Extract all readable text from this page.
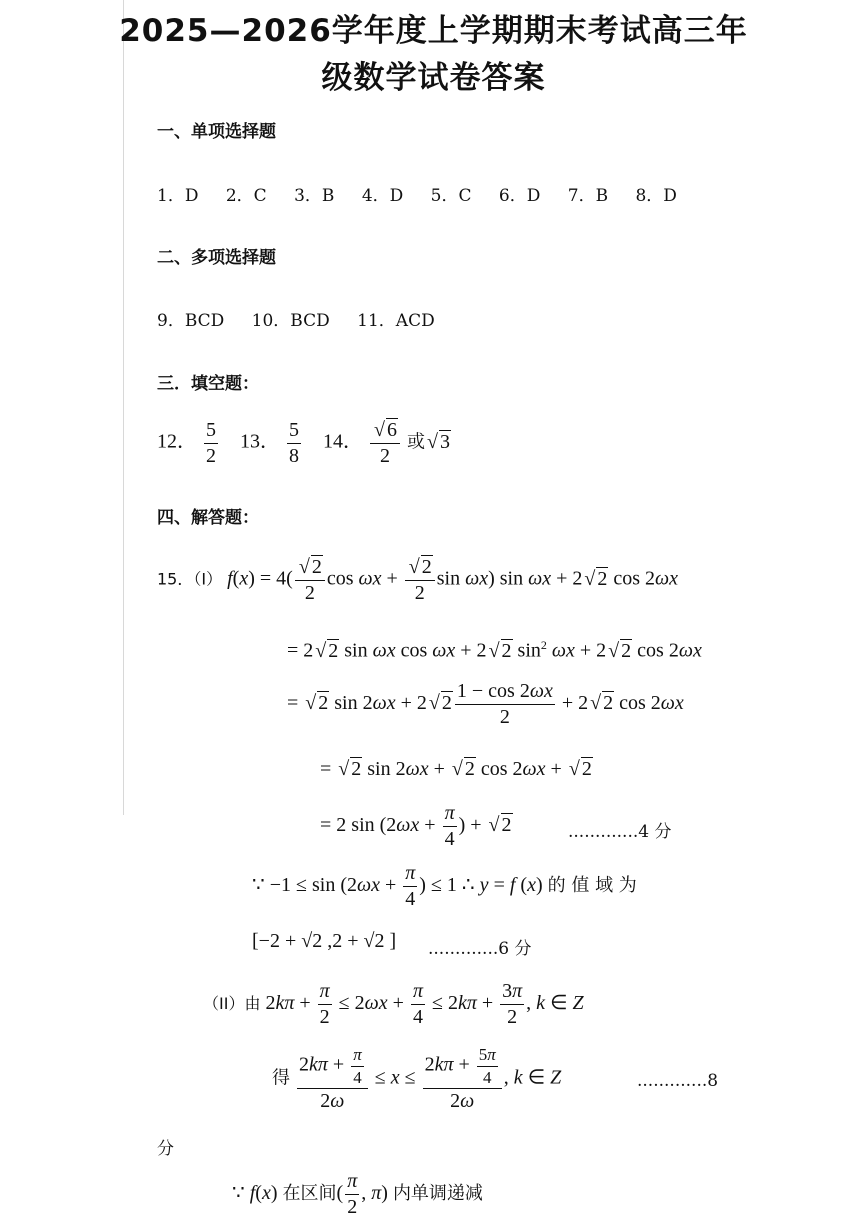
2025—2026学年度上学期期末考试高三年
级数学试卷答案
一、单项选择题
1．D 2．C 3．B 4．D 5．C 6．D 7．B 8．D
二、多项选择题
9．BCD 10．BCD 11．ACD
三．填空题：
12． $\frac{5}{2} 13$． $\frac{5}{8} 14$． $\frac{√ 6}{2}$ 或 √ 3
四、解答题：
15．（I） $f(x) = 4( \frac{√ 2}{2}$ $\cos \omega x + \frac{√ 2}{2}$ sin ωx) sin ωx + 2 √ 2 cos 2ωx
= 2 √ 2 sin ωx cos ωx + 2 √ 2 $\sin^2 \omega x + 2$ √ 2 cos 2ωx
= √ 2 sin 2ωx + 2 √ $2 \frac{1 - \cos 2\omega x}{2} + 2$ √ 2 cos 2ωx
= √ 2 sin 2ωx + √ 2 cos 2ωx + √ 2
= 2 $\sin (2\omega x + \frac{\pi}{4}$ ) + √ 2	.............4 分
∵ $-1 \le \sin (2\omega x + \frac{\pi}{4}$ ) ≤ 1 ∴ y = f (x) 的 值 域 为
[−2 + √2 ,2 + √2 ] .............6 分
（II）由 $2k\pi + \frac{\pi}{2} \le 2\omega x + \frac{\pi}{4} \le 2k\pi + \frac{3\pi}{2}$ , k ∈ Z
得 $\frac{2k\pi + \frac{\pi}{4}}{2\omega} \le x \le \frac{2k\pi + \frac{5\pi}{4}}{2\omega}$ , k ∈ Z	.............8
分
∵ f(x) 在区间( $\frac{\pi}{2}$ , π) 内单调递减
